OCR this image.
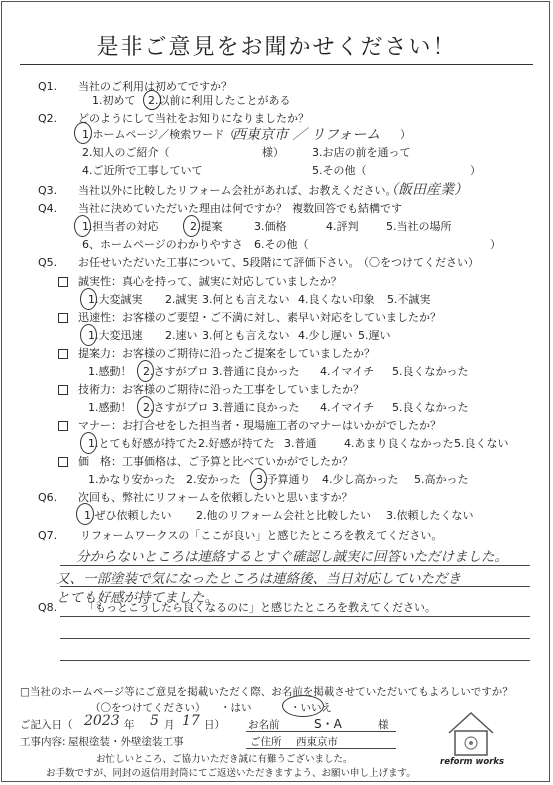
是非ご意見をお聞かせください！
Q1. 当社のご利用は初めてですか？
1.初めて 2.以前に利用したことがある
Q2. どのようにして当社をお知りになりましたか？
1.ホームページ／検索ワード（
西東京市 ／ リフォーム ）
2.知人のご紹介（	様）	3.お店の前を通って
4.ご近所で工事していて	5.その他（	）
Q3. 当社以外に比較したリフォーム会社があれば、お教えください。
（飯田産業）
Q4. 当社に決めていただいた理由は何ですか？ 複数回答でも結構です
1.担当者の対応	2.提案	3.価格	4.評判	5.当社の場所
6、ホームページのわかりやすさ 6.その他（	）
Q5. お任せいただいた工事について、5段階にて評価下さい。
（〇をつけてください）
誠実性：真心を持って、誠実に対応していましたか？
1.大変誠実 2.誠実 3.何とも言えない 4.良くない印象 5.不誠実
迅速性：お客様のご要望・ご不満に対し、素早い対応をしていましたか？
1.大変迅速 2.速い 3.何とも言えない 4.少し遅い 5.遅い
提案力：お客様のご期待に沿ったご提案をしていましたか？
1.感動！ 2.さすがプロ 3.普通に良かった 4.イマイチ 5.良くなかった
技術力：お客様のご期待に沿った工事をしていましたか？
1.感動！ 2.さすがプロ 3.普通に良かった 4.イマイチ 5.良くなかった
マナー：お打合せをした担当者・現場施工者のマナーはいかがでしたか？
1.とても好感が持てた 2.好感が持てた 3.普通	4.あまり良くなかった 5.良くない
価　格：工事価格は、ご予算と比べていかがでしたか？
1.かなり安かった 2.安かった 3.予算通り 4.少し高かった 5.高かった
Q6. 次回も、弊社にリフォームを依頼したいと思いますか？
1.ぜひ依頼したい 2.他のリフォーム会社と比較したい 3.依頼したくない
Q7. リフォームワークスの「ここが良い」と感じたところを教えてください。
分からないところは連絡するとすぐ確認し誠実に回答いただけました。
又、一部塗装で気になったところは連絡後、当日対応していただき
とても好感が持てました。
Q8. 「もっとこうしたら良くなるのに」と感じたところを教えてください。
□当社のホームページ等にご意見を掲載いただく際、お名前を掲載させていただいてもよろしいですか？
（〇をつけてください） ・はい	・いいえ
ご記入日（ 2023 年 5 月 17 日） お名前	S・A	様
工事内容: 屋根塗装・外壁塗装工事	ご住所 西東京市
お忙しいところ、ご協力いただき誠に有難うございました。
お手数ですが、同封の返信用封筒にてご返送いただきますよう、お願い申し上げます。
reform works
